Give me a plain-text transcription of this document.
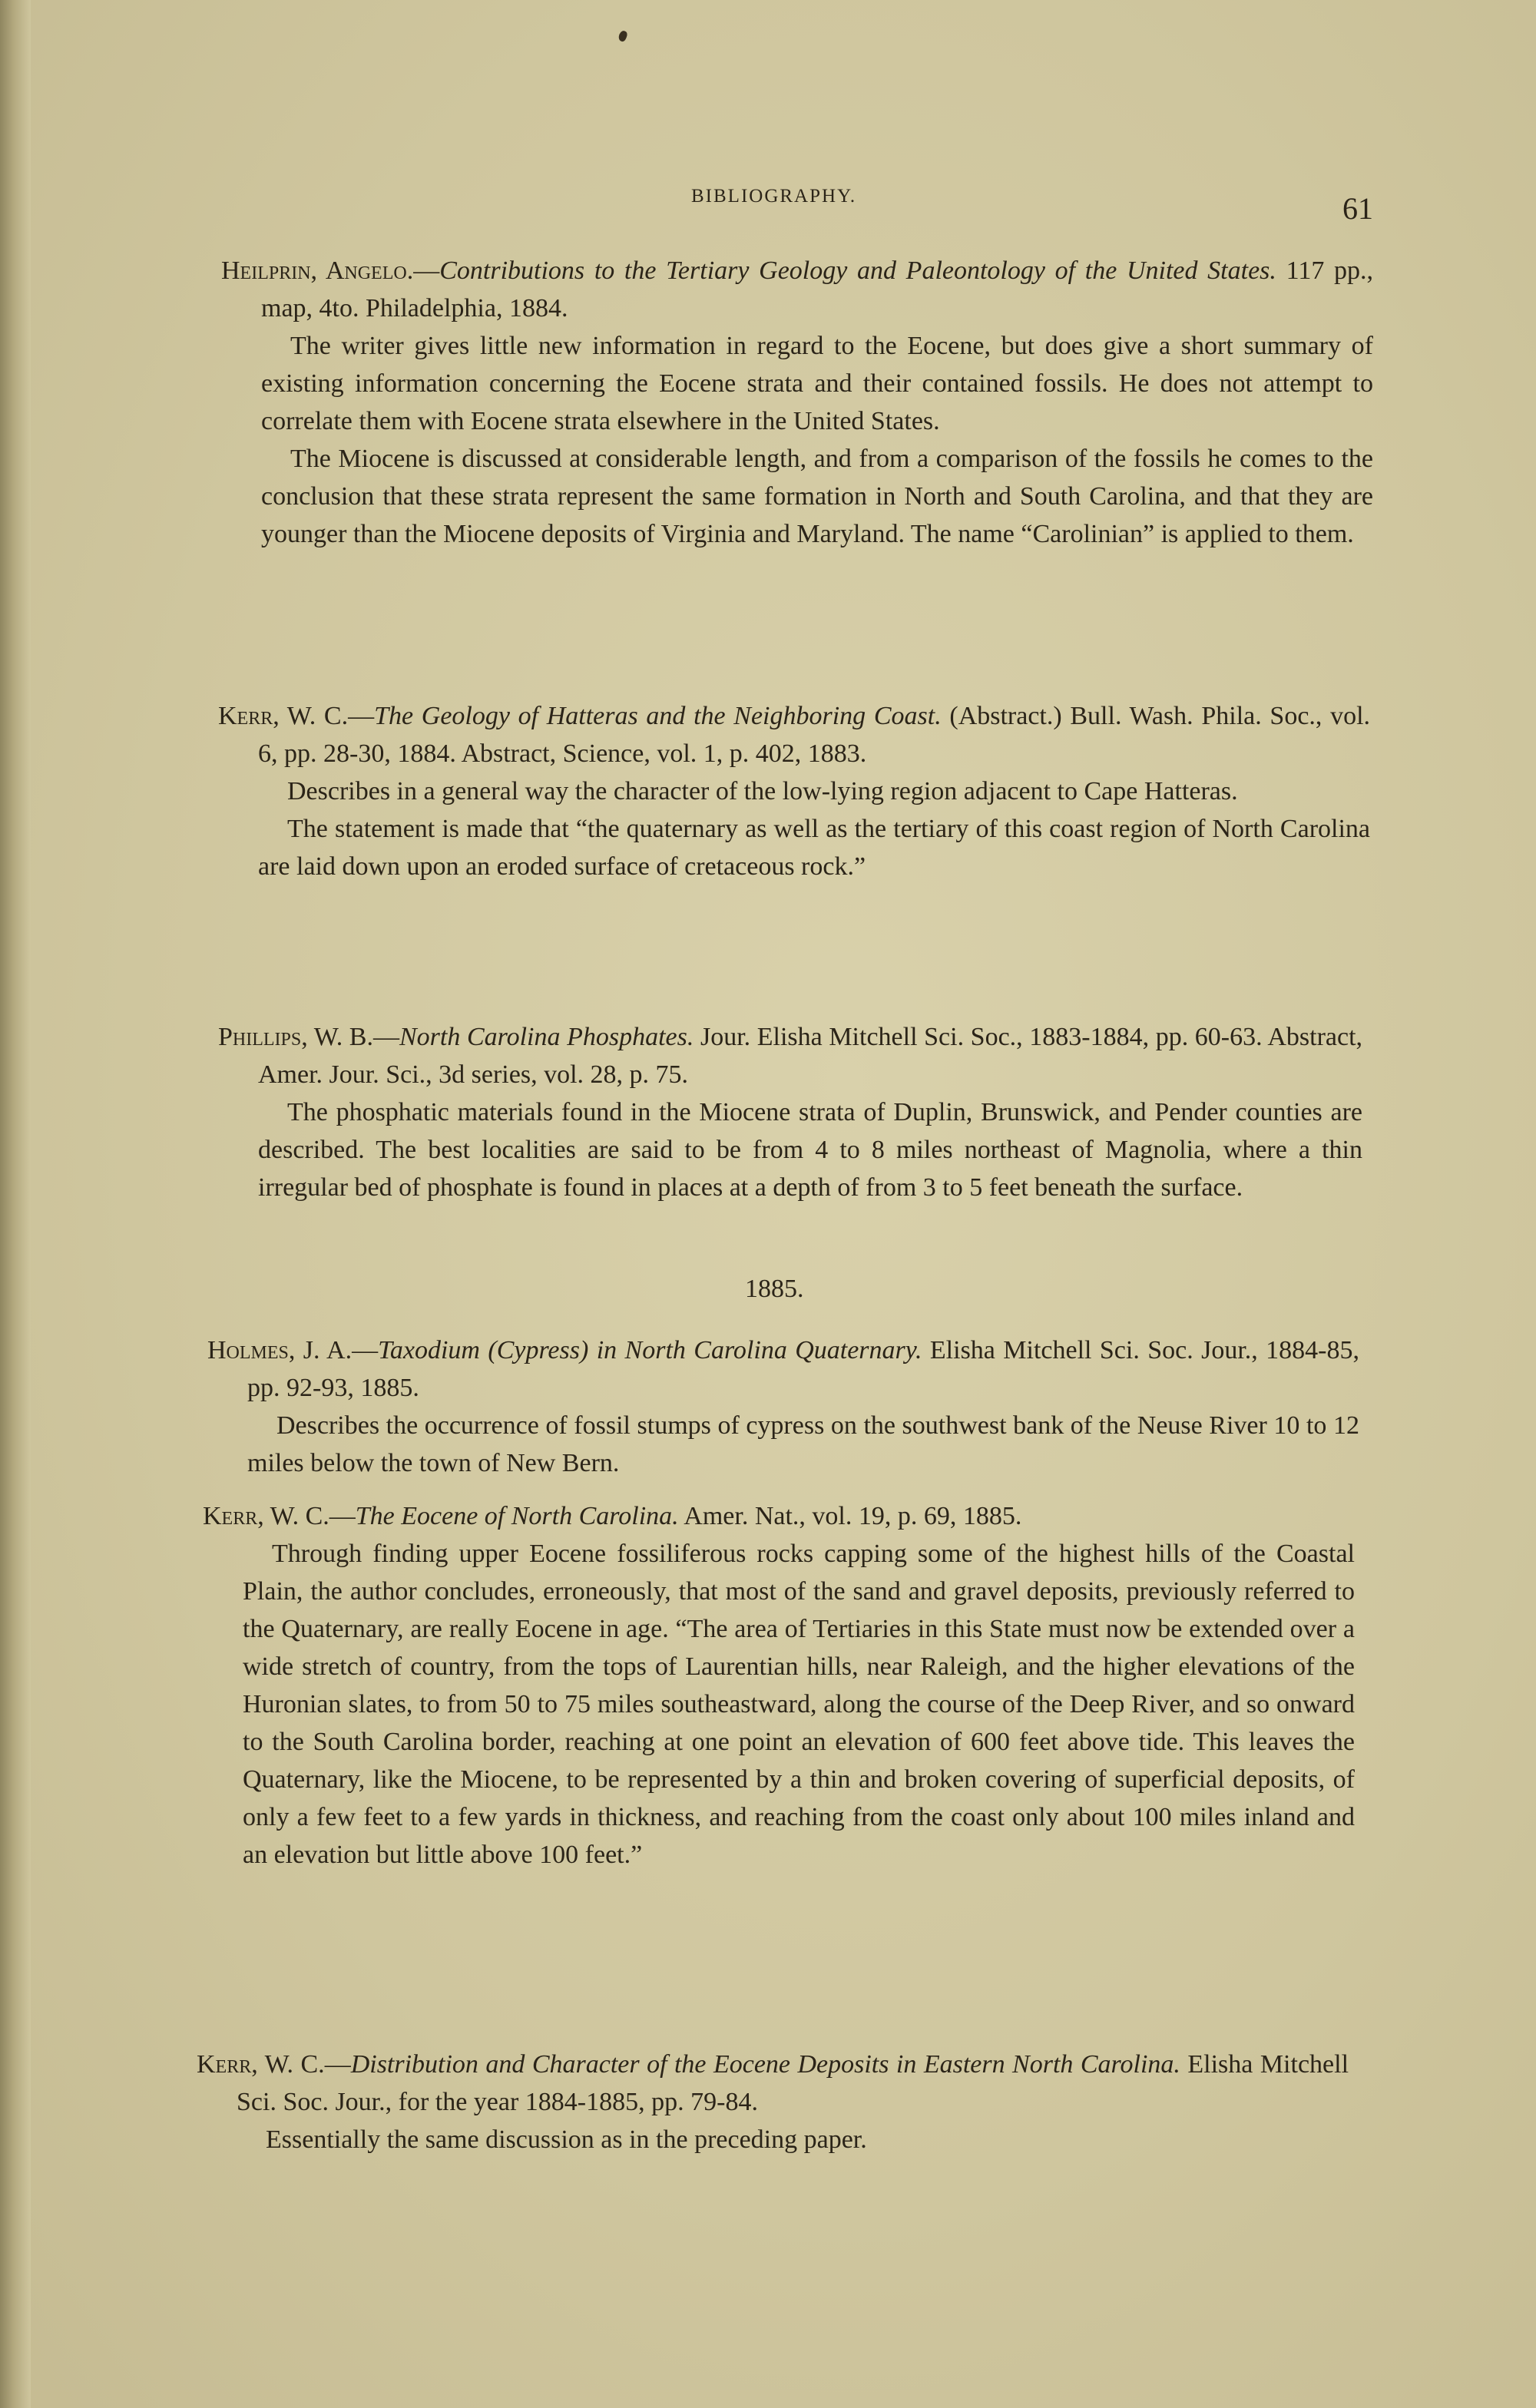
BIBLIOGRAPHY.	61

Heilprin, Angelo.—Contributions to the Tertiary Geology and Paleontology of the United States. 117 pp., map, 4to. Philadelphia, 1884.

The writer gives little new information in regard to the Eocene, but does give a short summary of existing information concerning the Eocene strata and their contained fossils. He does not attempt to correlate them with Eocene strata elsewhere in the United States.

The Miocene is discussed at considerable length, and from a comparison of the fossils he comes to the conclusion that these strata represent the same formation in North and South Carolina, and that they are younger than the Miocene deposits of Virginia and Maryland. The name “Carolinian” is applied to them.

Kerr, W. C.—The Geology of Hatteras and the Neighboring Coast. (Abstract.) Bull. Wash. Phila. Soc., vol. 6, pp. 28-30, 1884. Abstract, Science, vol. 1, p. 402, 1883.

Describes in a general way the character of the low-lying region adjacent to Cape Hatteras.

The statement is made that “the quaternary as well as the tertiary of this coast region of North Carolina are laid down upon an eroded surface of cretaceous rock.”

Phillips, W. B.—North Carolina Phosphates. Jour. Elisha Mitchell Sci. Soc., 1883-1884, pp. 60-63. Abstract, Amer. Jour. Sci., 3d series, vol. 28, p. 75.

The phosphatic materials found in the Miocene strata of Duplin, Brunswick, and Pender counties are described. The best localities are said to be from 4 to 8 miles northeast of Magnolia, where a thin irregular bed of phosphate is found in places at a depth of from 3 to 5 feet beneath the surface.

1885.

Holmes, J. A.—Taxodium (Cypress) in North Carolina Quaternary. Elisha Mitchell Sci. Soc. Jour., 1884-85, pp. 92-93, 1885.

Describes the occurrence of fossil stumps of cypress on the southwest bank of the Neuse River 10 to 12 miles below the town of New Bern.

Kerr, W. C.—The Eocene of North Carolina. Amer. Nat., vol. 19, p. 69, 1885.

Through finding upper Eocene fossiliferous rocks capping some of the highest hills of the Coastal Plain, the author concludes, erroneously, that most of the sand and gravel deposits, previously referred to the Quaternary, are really Eocene in age. “The area of Tertiaries in this State must now be extended over a wide stretch of country, from the tops of Laurentian hills, near Raleigh, and the higher elevations of the Huronian slates, to from 50 to 75 miles southeastward, along the course of the Deep River, and so onward to the South Carolina border, reaching at one point an elevation of 600 feet above tide. This leaves the Quaternary, like the Miocene, to be represented by a thin and broken covering of superficial deposits, of only a few feet to a few yards in thickness, and reaching from the coast only about 100 miles inland and an elevation but little above 100 feet.”

Kerr, W. C.—Distribution and Character of the Eocene Deposits in Eastern North Carolina. Elisha Mitchell Sci. Soc. Jour., for the year 1884-1885, pp. 79-84.

Essentially the same discussion as in the preceding paper.
